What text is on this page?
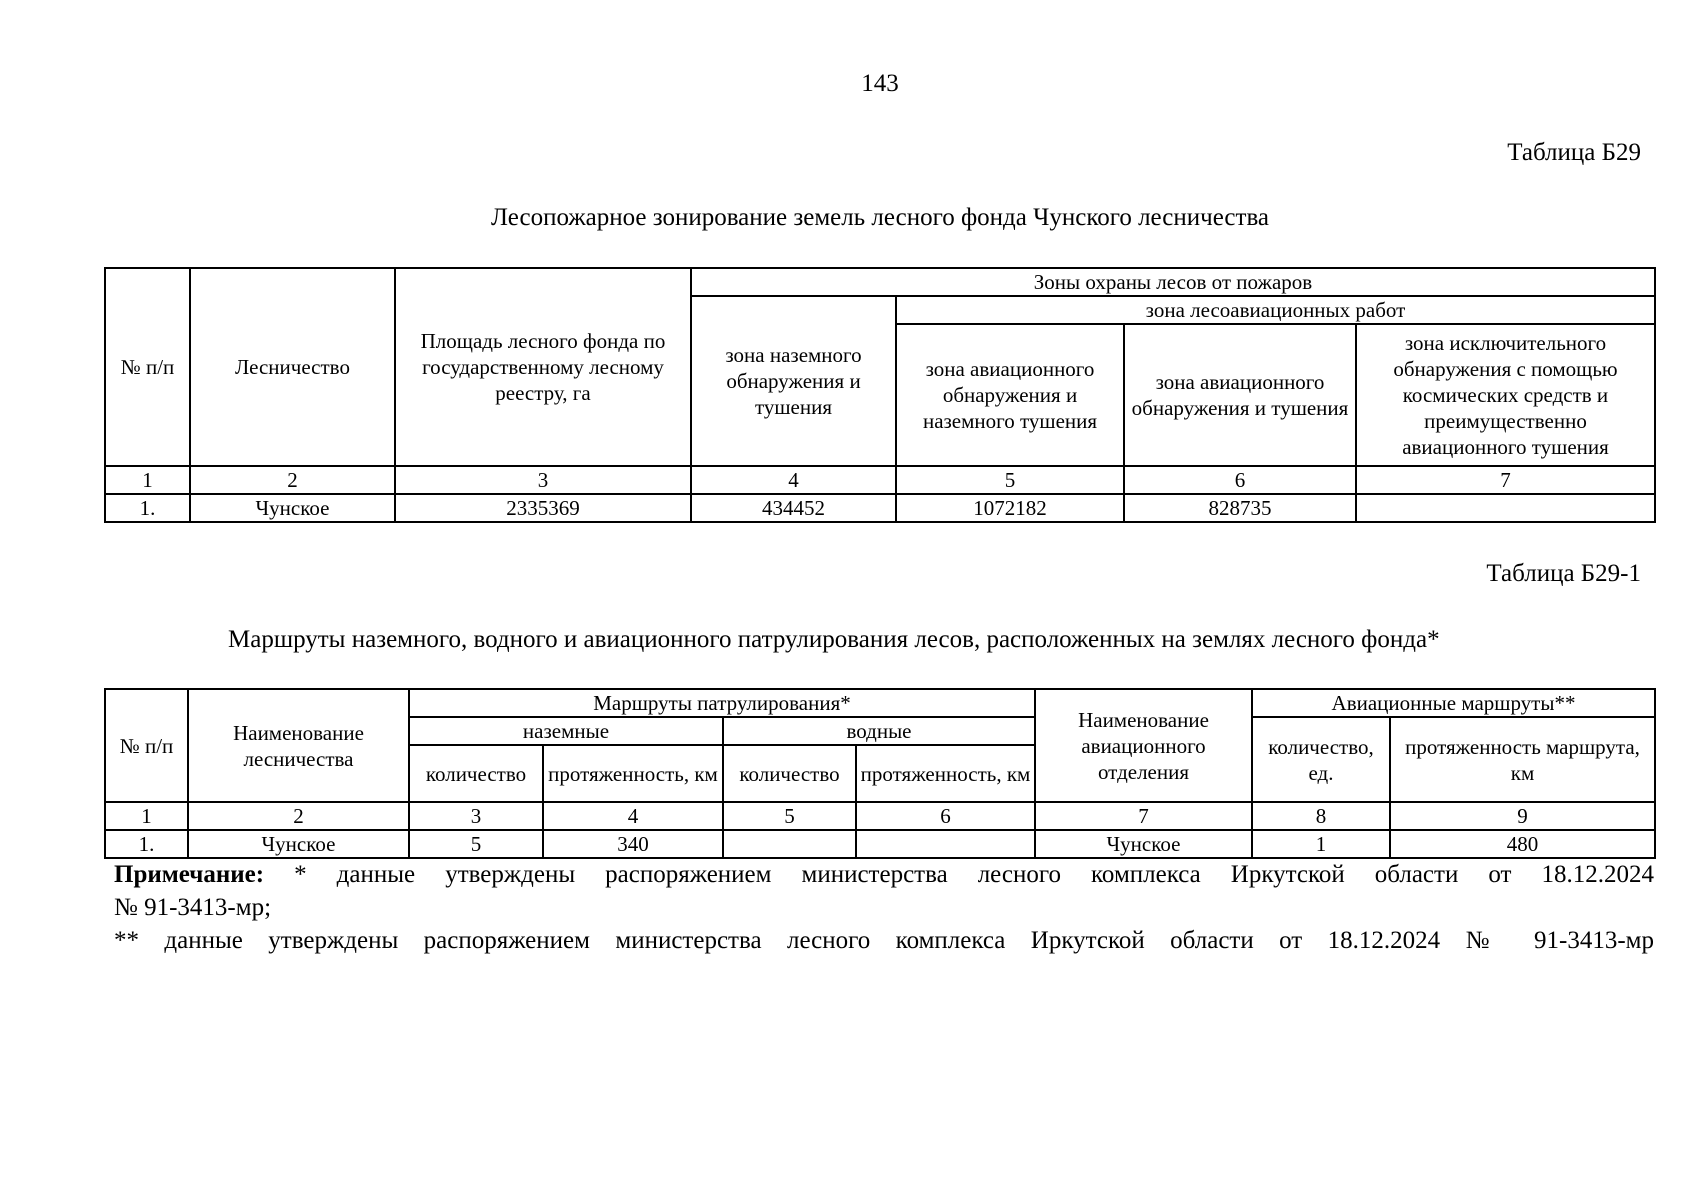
143
Таблица Б29
Лесопожарное зонирование земель лесного фонда Чунского лесничества
№ п/п	Лесничество	Площадь лесного фонда по государственному лесному реестру, га	Зоны охраны лесов от пожаров			
			зона наземного обнаружения и тушения	зона лесоавиационных работ		
				зона авиационного обнаружения и наземного тушения	зона авиационного обнаружения и тушения	зона исключительного обнаружения с помощью космических средств и преимущественно авиационного тушения
1	2	3	4	5	6	7
1.	Чунское	2335369	434452	1072182	828735	
Таблица Б29-1
Маршруты наземного, водного и авиационного патрулирования лесов, расположенных на землях лесного фонда*
№ п/п	Наименование лесничества	Маршруты патрулирования*				Наименование авиационного отделения	Авиационные маршруты**	
		наземные		водные			количество, ед.	протяженность маршрута, км
		количество	протяженность, км	количество	протяженность, км			
1	2	3	4	5	6	7	8	9
1.	Чунское	5	340			Чунское	1	480

Примечание: * данные утверждены распоряжением министерства лесного комплекса Иркутской области от 18.12.2024

№ 91-3413-мр;

** данные утверждены распоряжением министерства лесного комплекса Иркутской области от 18.12.2024 № 91-3413-мр
